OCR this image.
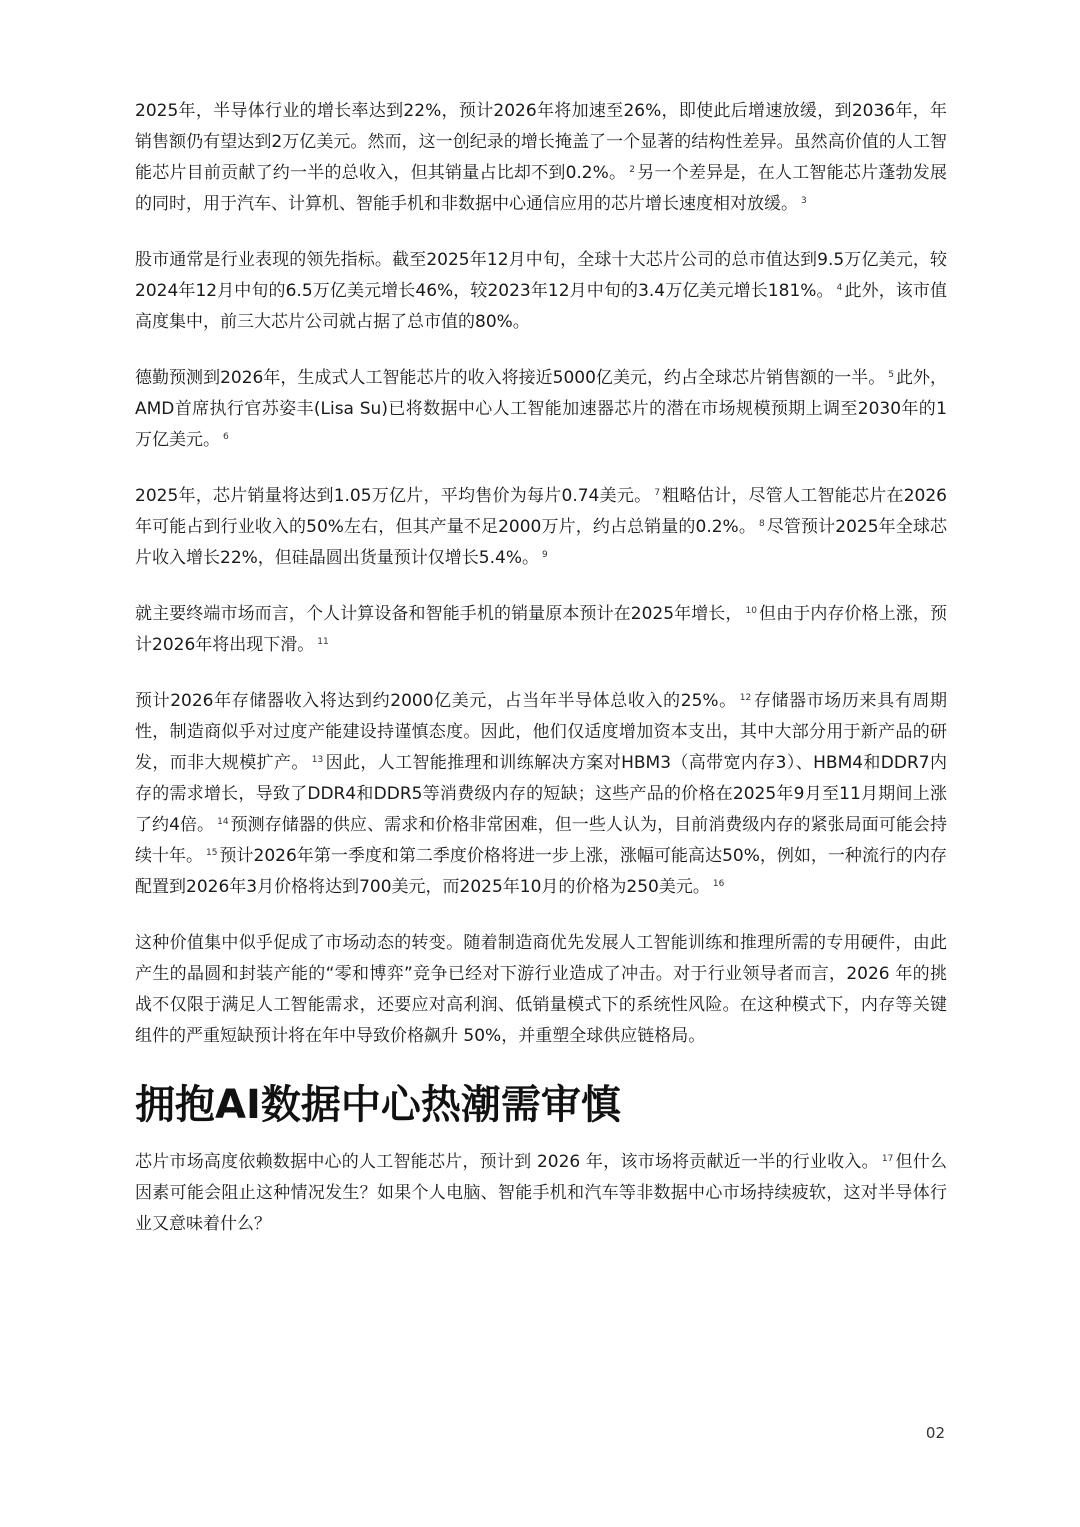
2025年，半导体行业的增长率达到22%，预计2026年将加速至26%，即使此后增速放缓，到2036年，年销售额仍有望达到2万亿美元。然而，这一创纪录的增长掩盖了一个显著的结构性差异。虽然高价值的人工智能芯片目前贡献了约一半的总收入，但其销量占比却不到0.2%。 $^2$ 另一个差异是，在人工智能芯片蓬勃发展的同时，用于汽车、计算机、智能手机和非数据中心通信应用的芯片增长速度相对放缓。 $^3$

股市通常是行业表现的领先指标。截至2025年12月中旬，全球十大芯片公司的总市值达到9.5万亿美元，较2024年12月中旬的6.5万亿美元增长46%，较2023年12月中旬的3.4万亿美元增长181%。 $^4$ 此外，该市值高度集中，前三大芯片公司就占据了总市值的80%。

德勤预测到2026年，生成式人工智能芯片的收入将接近5000亿美元，约占全球芯片销售额的一半。 $^5$ 此外，AMD首席执行官苏姿丰(Lisa Su)已将数据中心人工智能加速器芯片的潜在市场规模预期上调至2030年的1万亿美元。 $^6$

2025年，芯片销量将达到1.05万亿片，平均售价为每片0.74美元。 $^7$ 粗略估计，尽管人工智能芯片在2026年可能占到行业收入的50%左右，但其产量不足2000万片，约占总销量的0.2%。 $^8$ 尽管预计2025年全球芯片收入增长22%，但硅晶圆出货量预计仅增长5.4%。 $^9$

就主要终端市场而言，个人计算设备和智能手机的销量原本预计在2025年增长， $^{10}$ 但由于内存价格上涨，预计2026年将出现下滑。 $^{11}$

预计2026年存储器收入将达到约2000亿美元，占当年半导体总收入的25%。 $^{12}$ 存储器市场历来具有周期性，制造商似乎对过度产能建设持谨慎态度。因此，他们仅适度增加资本支出，其中大部分用于新产品的研发，而非大规模扩产。 $^{13}$ 因此，人工智能推理和训练解决方案对HBM3（高带宽内存3）、HBM4和DDR7内存的需求增长，导致了DDR4和DDR5等消费级内存的短缺；这些产品的价格在2025年9月至11月期间上涨了约4倍。 $^{14}$ 预测存储器的供应、需求和价格非常困难，但一些人认为，目前消费级内存的紧张局面可能会持续十年。 $^{15}$ 预计2026年第一季度和第二季度价格将进一步上涨，涨幅可能高达50%，例如，一种流行的内存配置到2026年3月价格将达到700美元，而2025年10月的价格为250美元。 $^{16}$

这种价值集中似乎促成了市场动态的转变。随着制造商优先发展人工智能训练和推理所需的专用硬件，由此产生的晶圆和封装产能的“零和博弈”竞争已经对下游行业造成了冲击。对于行业领导者而言，2026 年的挑战不仅限于满足人工智能需求，还要应对高利润、低销量模式下的系统性风险。在这种模式下，内存等关键组件的严重短缺预计将在年中导致价格飙升 50%，并重塑全球供应链格局。

拥抱AI数据中心热潮需审慎

芯片市场高度依赖数据中心的人工智能芯片，预计到 2026 年，该市场将贡献近一半的行业收入。 $^{17}$ 但什么因素可能会阻止这种情况发生？如果个人电脑、智能手机和汽车等非数据中心市场持续疲软，这对半导体行业又意味着什么？

02
